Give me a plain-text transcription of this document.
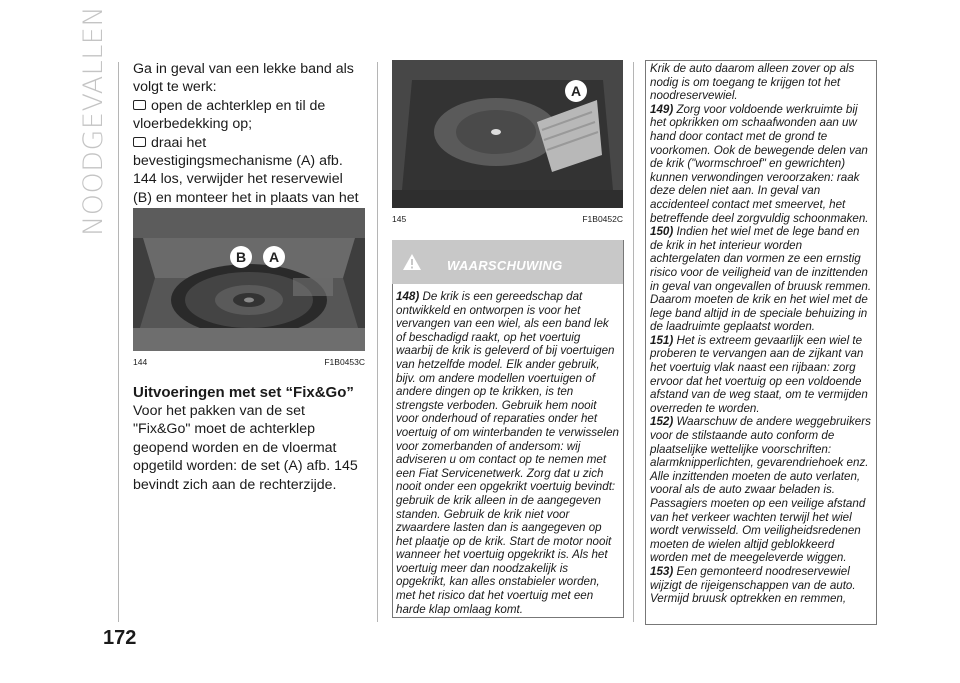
NOODGEVALLEN
172

Ga in geval van een lekke band als volgt te werk:

open de achterklep en til de vloerbedekking op;

draai het bevestigingsmechanisme (A) afb. 144 los, verwijder het reservewiel (B) en monteer het in plaats van het

B	A
144	F1B0453C
Uitvoeringen met set “Fix&Go”
Voor het pakken van de set "Fix&Go" moet de achterklep geopend worden en de vloermat opgetild worden: de set (A) afb. 145 bevindt zich aan de rechterzijde.
A
145	F1B0452C
WAARSCHUWING

148) De krik is een gereedschap dat ontwikkeld en ontworpen is voor het vervangen van een wiel, als een band lek of beschadigd raakt, op het voertuig waarbij de krik is geleverd of bij voertuigen van hetzelfde model. Elk ander gebruik, bijv. om andere modellen voertuigen of andere dingen op te krikken, is ten strengste verboden. Gebruik hem nooit voor onderhoud of reparaties onder het voertuig of om winterbanden te verwisselen voor zomerbanden of andersom: wij adviseren u om contact op te nemen met een Fiat Servicenetwerk. Zorg dat u zich nooit onder een opgekrikt voertuig bevindt: gebruik de krik alleen in de aangegeven standen. Gebruik de krik niet voor zwaardere lasten dan is aangegeven op het plaatje op de krik. Start de motor nooit wanneer het voertuig opgekrikt is. Als het voertuig meer dan noodzakelijk is opgekrikt, kan alles onstabieler worden, met het risico dat het voertuig met een harde klap omlaag komt.

Krik de auto daarom alleen zover op als nodig is om toegang te krijgen tot het noodreservewiel.

149) Zorg voor voldoende werkruimte bij het opkrikken om schaafwonden aan uw hand door contact met de grond te voorkomen. Ook de bewegende delen van de krik ("wormschroef" en gewrichten) kunnen verwondingen veroorzaken: raak deze delen niet aan. In geval van accidenteel contact met smeervet, het betreffende deel zorgvuldig schoonmaken.

150) Indien het wiel met de lege band en de krik in het interieur worden achtergelaten dan vormen ze een ernstig risico voor de veiligheid van de inzittenden in geval van ongevallen of bruusk remmen. Daarom moeten de krik en het wiel met de lege band altijd in de speciale behuizing in de laadruimte geplaatst worden.

151) Het is extreem gevaarlijk een wiel te proberen te vervangen aan de zijkant van het voertuig vlak naast een rijbaan: zorg ervoor dat het voertuig op een voldoende afstand van de weg staat, om te vermijden overreden te worden.

152) Waarschuw de andere weggebruikers voor de stilstaande auto conform de plaatselijke wettelijke voorschriften: alarmknipperlichten, gevarendriehoek enz. Alle inzittenden moeten de auto verlaten, vooral als de auto zwaar beladen is. Passagiers moeten op een veilige afstand van het verkeer wachten terwijl het wiel wordt verwisseld. Om veiligheidsredenen moeten de wielen altijd geblokkeerd worden met de meegeleverde wiggen.

153) Een gemonteerd noodreservewiel wijzigt de rijeigenschappen van de auto. Vermijd bruusk optrekken en remmen,
